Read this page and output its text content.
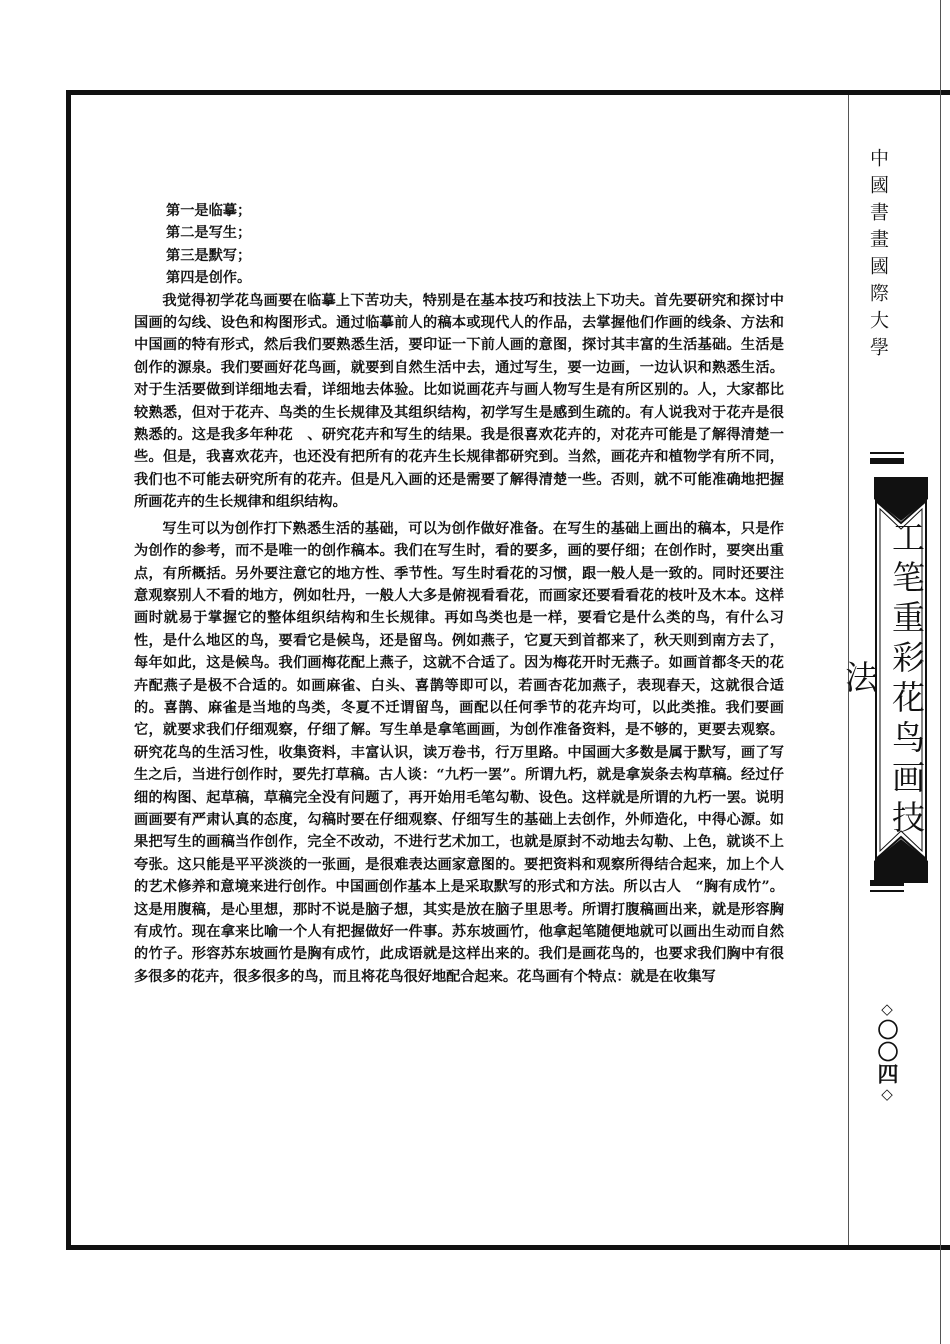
第一是临摹；
第二是写生；
第三是默写；
第四是创作。

我觉得初学花鸟画要在临摹上下苦功夫，特别是在基本技巧和技法上下功夫。首先要研究和探讨中国画的勾线、设色和构图形式。通过临摹前人的稿本或现代人的作品，去掌握他们作画的线条、方法和中国画的特有形式，然后我们要熟悉生活，要印证一下前人画的意图，探讨其丰富的生活基础。生活是创作的源泉。我们要画好花鸟画，就要到自然生活中去，通过写生，要一边画，一边认识和熟悉生活。对于生活要做到详细地去看，详细地去体验。比如说画花卉与画人物写生是有所区别的。人，大家都比较熟悉，但对于花卉、鸟类的生长规律及其组织结构，初学写生是感到生疏的。有人说我对于花卉是很熟悉的。这是我多年种花　、研究花卉和写生的结果。我是很喜欢花卉的，对花卉可能是了解得清楚一些。但是，我喜欢花卉，也还没有把所有的花卉生长规律都研究到。当然，画花卉和植物学有所不同，我们也不可能去研究所有的花卉。但是凡入画的还是需要了解得清楚一些。否则，就不可能准确地把握所画花卉的生长规律和组织结构。

写生可以为创作打下熟悉生活的基础，可以为创作做好准备。在写生的基础上画出的稿本，只是作为创作的参考，而不是唯一的创作稿本。我们在写生时，看的要多，画的要仔细；在创作时，要突出重点，有所概括。另外要注意它的地方性、季节性。写生时看花的习惯，跟一般人是一致的。同时还要注意观察别人不看的地方，例如牡丹，一般人大多是俯视看看花，而画家还要看看花的枝叶及木本。这样画时就易于掌握它的整体组织结构和生长规律。再如鸟类也是一样，要看它是什么类的鸟，有什么习性，是什么地区的鸟，要看它是候鸟，还是留鸟。例如燕子，它夏天到首都来了，秋天则到南方去了，每年如此，这是候鸟。我们画梅花配上燕子，这就不合适了。因为梅花开时无燕子。如画首都冬天的花卉配燕子是极不合适的。如画麻雀、白头、喜鹊等即可以，若画杏花加燕子，表现春天，这就很合适的。喜鹊、麻雀是当地的鸟类，冬夏不迁谓留鸟，画配以任何季节的花卉均可，以此类推。我们要画它，就要求我们仔细观察，仔细了解。写生单是拿笔画画，为创作准备资料，是不够的，更要去观察。研究花鸟的生活习性，收集资料，丰富认识，读万卷书，行万里路。中国画大多数是属于默写，画了写生之后，当进行创作时，要先打草稿。古人谈：“九朽一罢”。所谓九朽，就是拿炭条去构草稿。经过仔细的构图、起草稿，草稿完全没有问题了，再开始用毛笔勾勒、设色。这样就是所谓的九朽一罢。说明画画要有严肃认真的态度，勾稿时要在仔细观察、仔细写生的基础上去创作，外师造化，中得心源。如果把写生的画稿当作创作，完全不改动，不进行艺术加工，也就是原封不动地去勾勒、上色，就谈不上夸张。这只能是平平淡淡的一张画，是很难表达画家意图的。要把资料和观察所得结合起来，加上个人的艺术修养和意境来进行创作。中国画创作基本上是采取默写的形式和方法。所以古人　“胸有成竹”。这是用腹稿，是心里想，那时不说是脑子想，其实是放在脑子里思考。所谓打腹稿画出来，就是形容胸有成竹。现在拿来比喻一个人有把握做好一件事。苏东坡画竹，他拿起笔随便地就可以画出生动而自然的竹子。形容苏东坡画竹是胸有成竹，此成语就是这样出来的。我们是画花鸟的，也要求我们胸中有很多很多的花卉，很多很多的鸟，而且将花鸟很好地配合起来。花鸟画有个特点：就是在收集写

中國書畫國際大學
工笔重彩花鸟画技法
◇〇〇四◇
